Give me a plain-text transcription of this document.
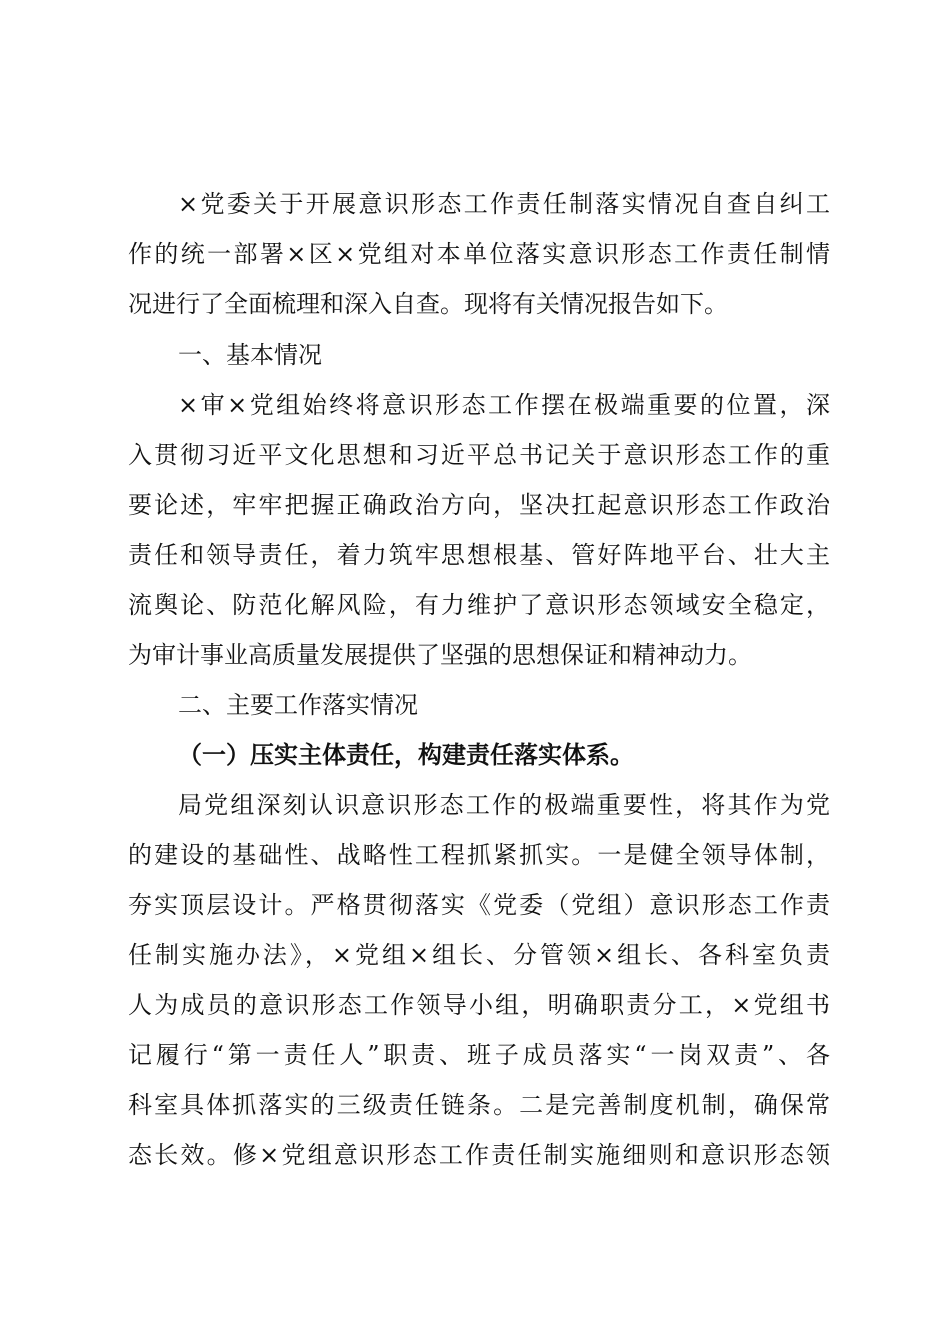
×党委关于开展意识形态工作责任制落实情况自查自纠工
作的统一部署×区×党组对本单位落实意识形态工作责任制情
况进行了全面梳理和深入自查。现将有关情况报告如下。
一、基本情况
×审×党组始终将意识形态工作摆在极端重要的位置，深
入贯彻习近平文化思想和习近平总书记关于意识形态工作的重
要论述，牢牢把握正确政治方向，坚决扛起意识形态工作政治
责任和领导责任，着力筑牢思想根基、管好阵地平台、壮大主
流舆论、防范化解风险，有力维护了意识形态领域安全稳定，
为审计事业高质量发展提供了坚强的思想保证和精神动力。
二、主要工作落实情况
（一）压实主体责任，构建责任落实体系。
局党组深刻认识意识形态工作的极端重要性，将其作为党
的建设的基础性、战略性工程抓紧抓实。一是健全领导体制，
夯实顶层设计。严格贯彻落实《党委（党组）意识形态工作责
任制实施办法》，×党组×组长、分管领×组长、各科室负责
人为成员的意识形态工作领导小组，明确职责分工，×党组书
记履行“第一责任人”职责、班子成员落实“一岗双责”、各
科室具体抓落实的三级责任链条。二是完善制度机制，确保常
态长效。修×党组意识形态工作责任制实施细则和意识形态领
